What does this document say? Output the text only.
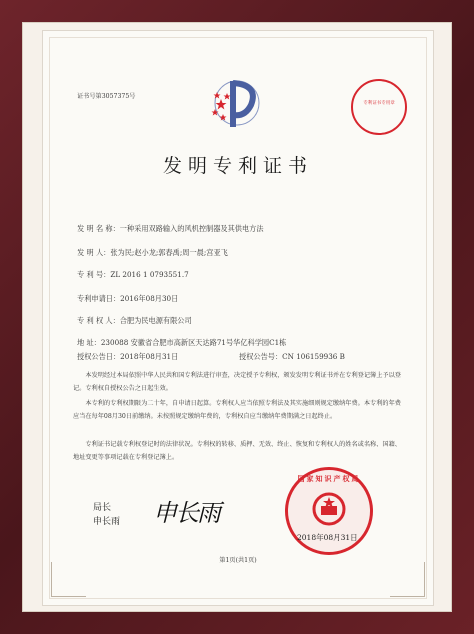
证书号第3057375号
专利证书专用章
发明专利证书
发 明 名 称：一种采用双路输入的风机控制器及其供电方法
发 明 人：张为民;赵小龙;郭春禹;周一晨;宫亚飞
专 利 号：ZL 2016 1 0793551.7
专利申请日：2016年08月30日
专 利 权 人：合肥为民电源有限公司
地 址：230088 安徽省合肥市高新区天达路71号华亿科学园C1栋
授权公告日：2018年08月31日	授权公告号：CN 106159936 B
本发明经过本局依照中华人民共和国专利法进行审查，决定授予专利权，颁发发明专利证书并在专利登记簿上予以登记。专利权自授权公告之日起生效。
本专利的专利权期限为二十年，自申请日起算。专利权人应当依照专利法及其实施细则规定缴纳年费。本专利的年费应当在每年08月30日前缴纳。未按照规定缴纳年费的，专利权自应当缴纳年费期满之日起终止。
专利证书记载专利权登记时的法律状况。专利权的转移、质押、无效、终止、恢复和专利权人的姓名或名称、国籍、地址变更等事项记载在专利登记簿上。
局长
申长雨 申长雨
国家知识产权局
2018年08月31日
第1页(共1页)
